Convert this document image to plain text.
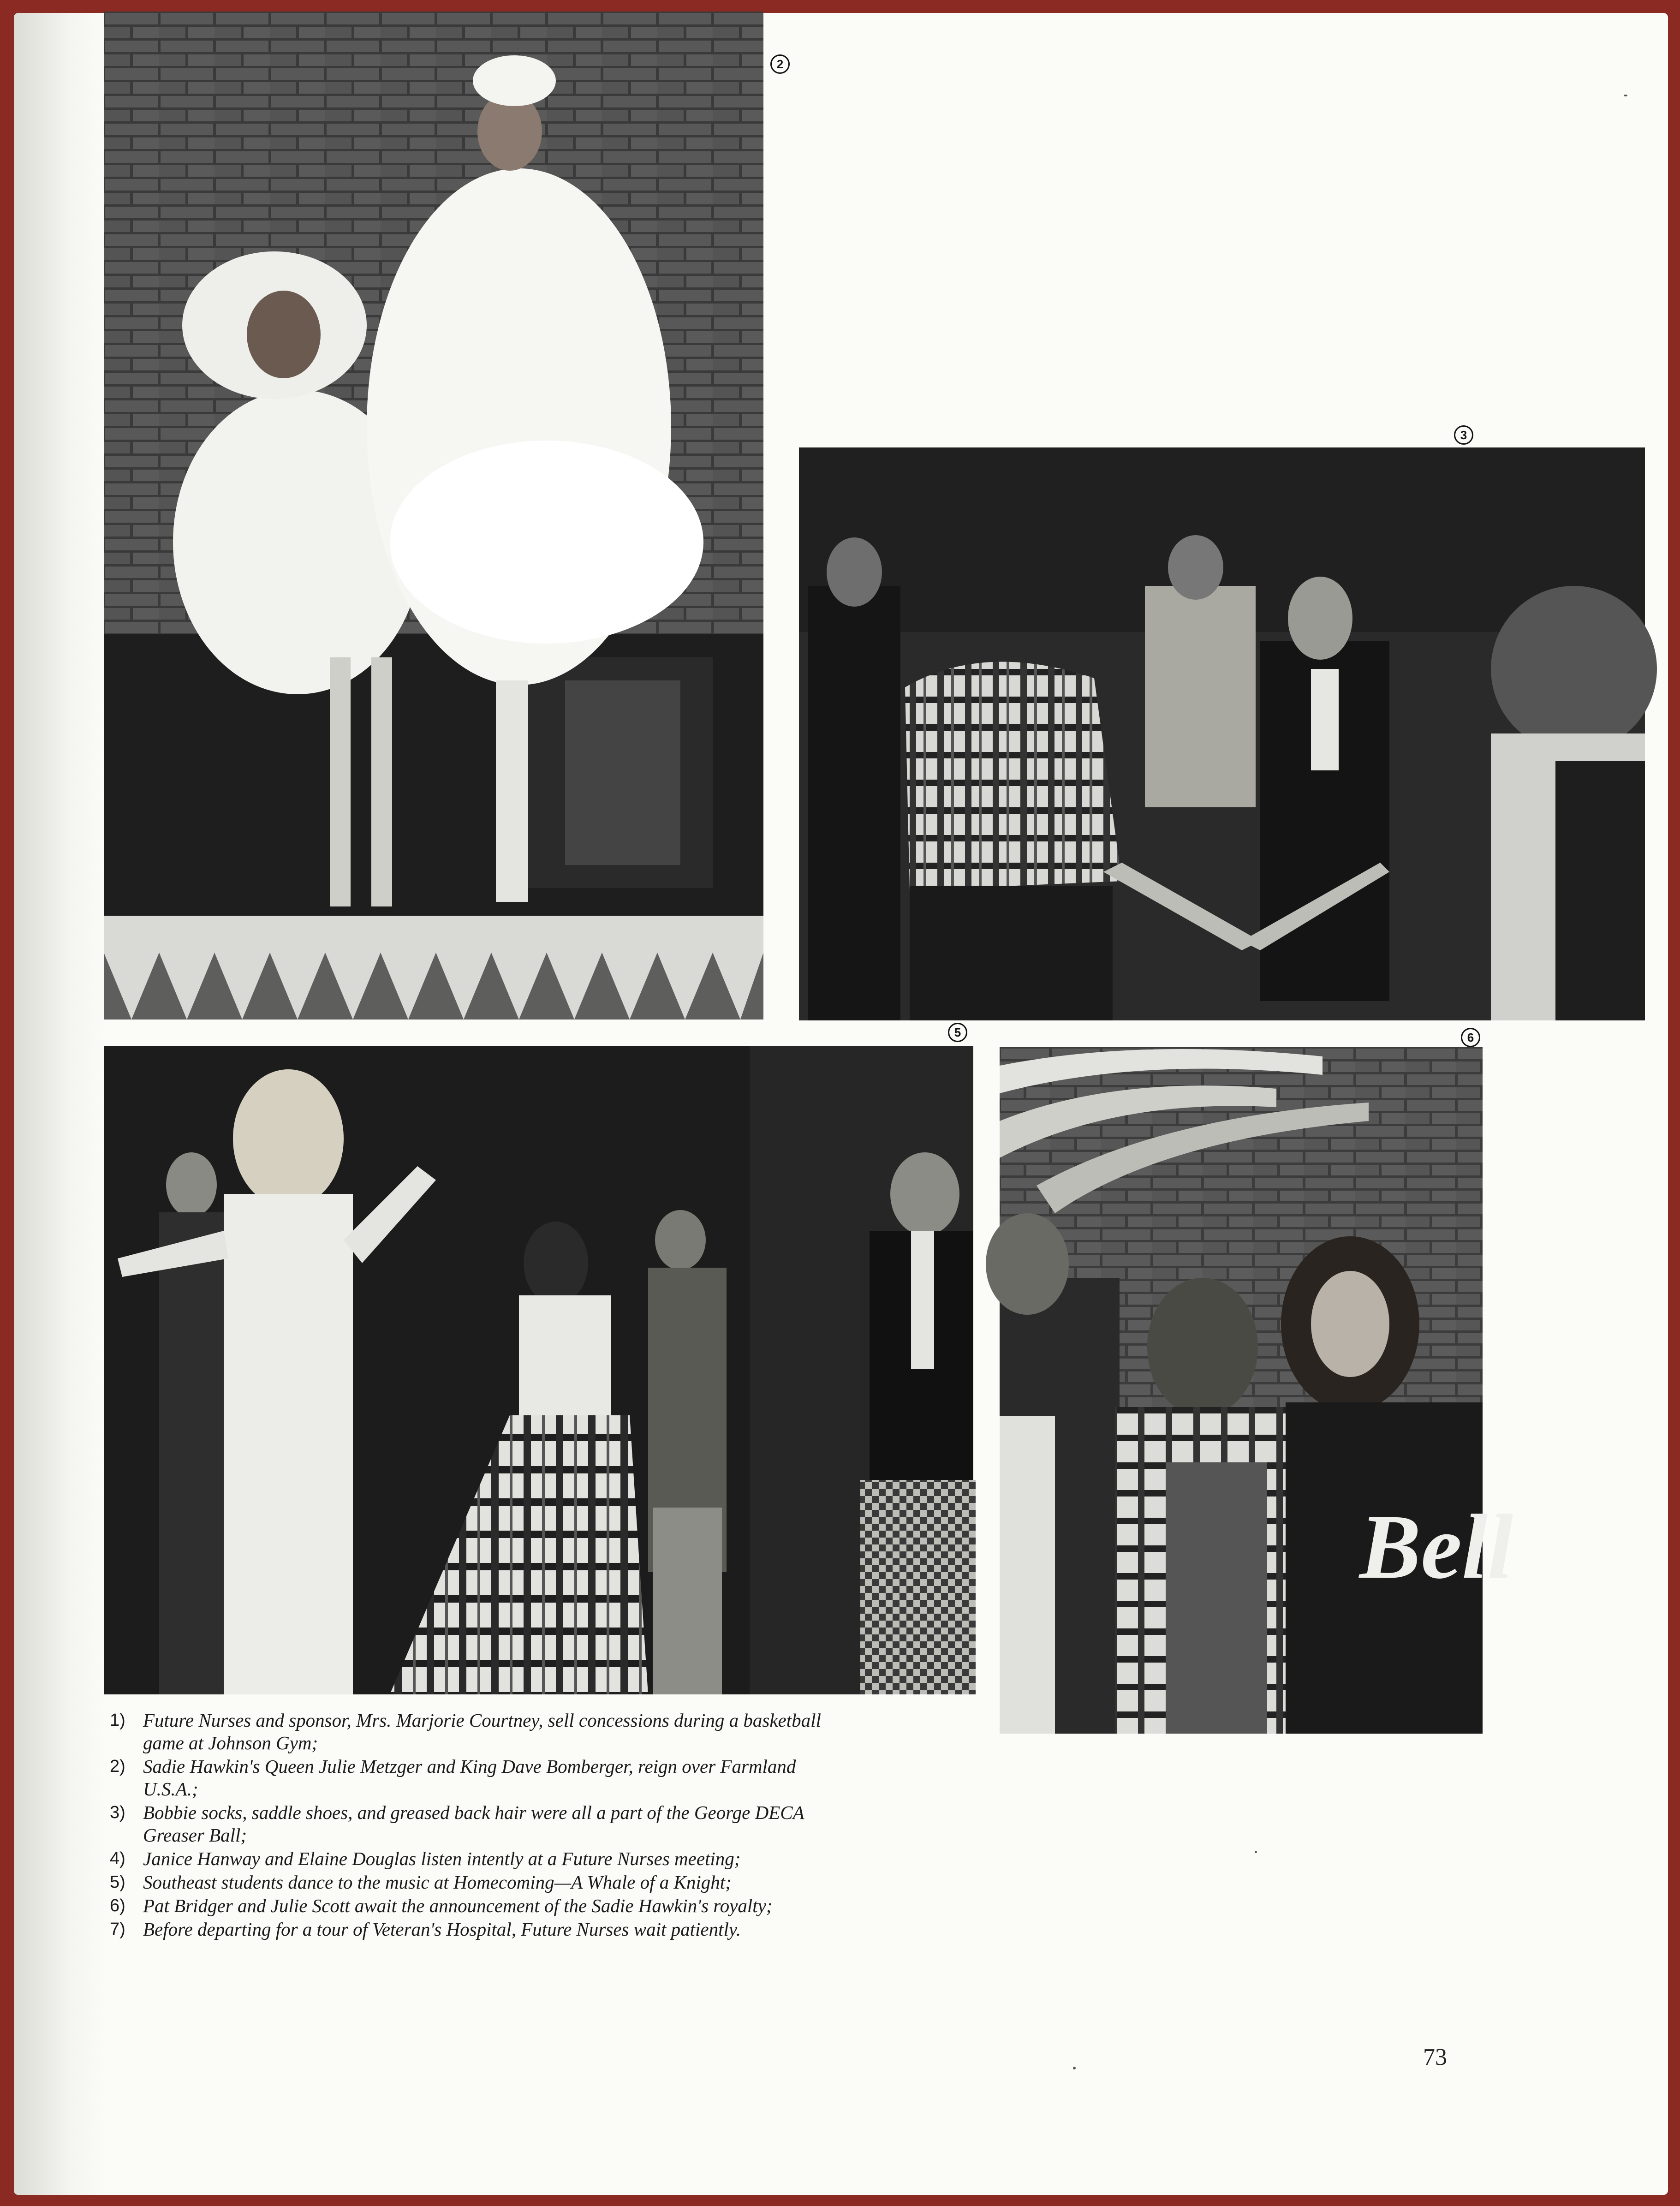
2
3
5	6
Bell
1) Future Nurses and sponsor, Mrs. Marjorie Courtney, sell concessions during a basketball game at Johnson Gym;
2) Sadie Hawkin's Queen Julie Metzger and King Dave Bomberger, reign over Farmland U.S.A.;
3) Bobbie socks, saddle shoes, and greased back hair were all a part of the George DECA Greaser Ball;
4) Janice Hanway and Elaine Douglas listen intently at a Future Nurses meeting;
5) Southeast students dance to the music at Homecoming—A Whale of a Knight;
6) Pat Bridger and Julie Scott await the announcement of the Sadie Hawkin's royalty;
7) Before departing for a tour of Veteran's Hospital, Future Nurses wait patiently.
73
